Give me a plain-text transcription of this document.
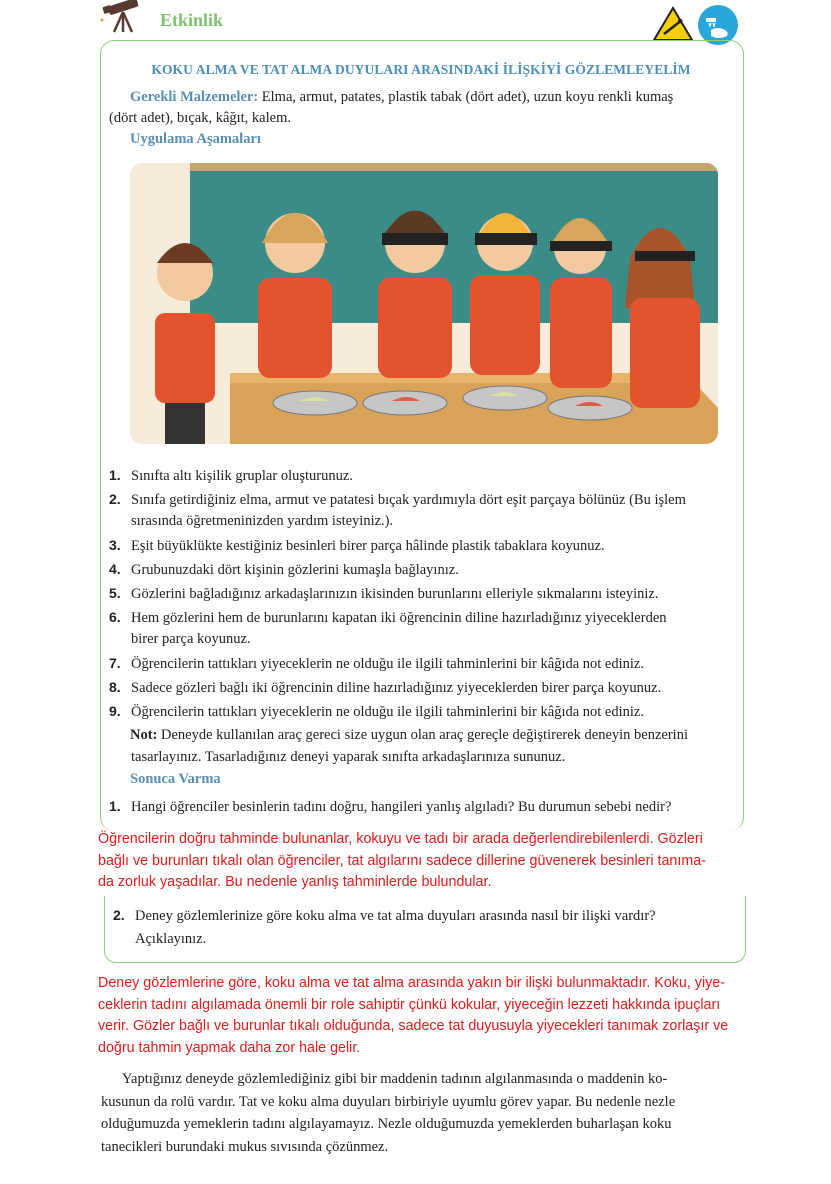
Etkinlik
KOKU ALMA VE TAT ALMA DUYULARI ARASINDAKİ İLİŞKİYİ GÖZLEMLEYELİM
Gerekli Malzemeler: Elma, armut, patates, plastik tabak (dört adet), uzun koyu renkli kumaş
(dört adet), bıçak, kâğıt, kalem.
Uygulama Aşamaları
1. Sınıfta altı kişilik gruplar oluşturunuz.
2. Sınıfa getirdiğiniz elma, armut ve patatesi bıçak yardımıyla dört eşit parçaya bölünüz (Bu işlem
sırasında öğretmeninizden yardım isteyiniz.).
3. Eşit büyüklükte kestiğiniz besinleri birer parça hâlinde plastik tabaklara koyunuz.
4. Grubunuzdaki dört kişinin gözlerini kumaşla bağlayınız.
5. Gözlerini bağladığınız arkadaşlarınızın ikisinden burunlarını elleriyle sıkmalarını isteyiniz.
6. Hem gözlerini hem de burunlarını kapatan iki öğrencinin diline hazırladığınız yiyeceklerden
birer parça koyunuz.
7. Öğrencilerin tattıkları yiyeceklerin ne olduğu ile ilgili tahminlerini bir kâğıda not ediniz.
8. Sadece gözleri bağlı iki öğrencinin diline hazırladığınız yiyeceklerden birer parça koyunuz.
9. Öğrencilerin tattıkları yiyeceklerin ne olduğu ile ilgili tahminlerini bir kâğıda not ediniz.
Not: Deneyde kullanılan araç gereci size uygun olan araç gereçle değiştirerek deneyin benzerini
tasarlayınız. Tasarladığınız deneyi yaparak sınıfta arkadaşlarınıza sununuz.
Sonuca Varma
1. Hangi öğrenciler besinlerin tadını doğru, hangileri yanlış algıladı? Bu durumun sebebi nedir?
Öğrencilerin doğru tahminde bulunanlar, kokuyu ve tadı bir arada değerlendirebilenlerdi. Gözleri
bağlı ve burunları tıkalı olan öğrenciler, tat algılarını sadece dillerine güvenerek besinleri tanıma-
da zorluk yaşadılar. Bu nedenle yanlış tahminlerde bulundular.
2. Deney gözlemlerinize göre koku alma ve tat alma duyuları arasında nasıl bir ilişki vardır?
Açıklayınız.
Deney gözlemlerine göre, koku alma ve tat alma arasında yakın bir ilişki bulunmaktadır. Koku, yiye-
ceklerin tadını algılamada önemli bir role sahiptir çünkü kokular, yiyeceğin lezzeti hakkında ipuçları
verir. Gözler bağlı ve burunlar tıkalı olduğunda, sadece tat duyusuyla yiyecekleri tanımak zorlaşır ve
doğru tahmin yapmak daha zor hale gelir.
Yaptığınız deneyde gözlemlediğiniz gibi bir maddenin tadının algılanmasında o maddenin ko-
kusunun da rolü vardır. Tat ve koku alma duyuları birbiriyle uyumlu görev yapar. Bu nedenle nezle
olduğumuzda yemeklerin tadını algılayamayız. Nezle olduğumuzda yemeklerden buharlaşan koku
tanecikleri burundaki mukus sıvısında çözünmez.
